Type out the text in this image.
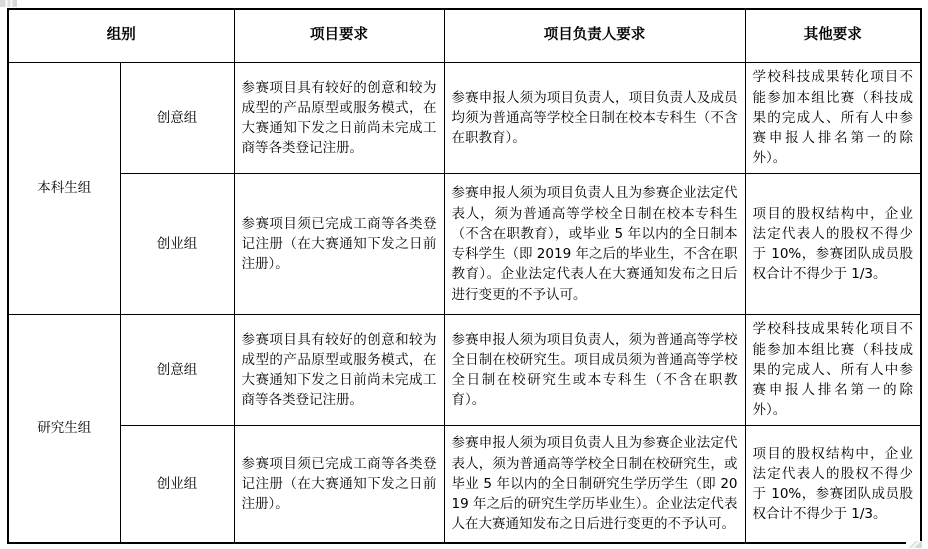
组别		项目要求	项目负责人要求	其他要求
本科生组	创意组	参赛项目具有较好的创意和较为成型的产品原型或服务模式，在大赛通知下发之日前尚未完成工商等各类登记注册。	参赛申报人须为项目负责人，项目负责人及成员均须为普通高等学校全日制在校本专科生（不含在职教育）。	学校科技成果转化项目不能参加本组比赛（科技成果的完成人、所有人中参赛申报人排名第一的除外）。
	创业组	参赛项目须已完成工商等各类登记注册（在大赛通知下发之日前注册）。	参赛申报人须为项目负责人且为参赛企业法定代表人，须为普通高等学校全日制在校本专科生（不含在职教育），或毕业 5 年以内的全日制本专科学生（即 2019 年之后的毕业生，不含在职教育）。企业法定代表人在大赛通知发布之日后进行变更的不予认可。	项目的股权结构中，企业法定代表人的股权不得少于 10%，参赛团队成员股权合计不得少于 1/3。
研究生组	创意组	参赛项目具有较好的创意和较为成型的产品原型或服务模式，在大赛通知下发之日前尚未完成工商等各类登记注册。	参赛申报人须为项目负责人，须为普通高等学校全日制在校研究生。项目成员须为普通高等学校全日制在校研究生或本专科生（不含在职教育）。	学校科技成果转化项目不能参加本组比赛（科技成果的完成人、所有人中参赛申报人排名第一的除外）。
	创业组	参赛项目须已完成工商等各类登记注册（在大赛通知下发之日前注册）。	参赛申报人须为项目负责人且为参赛企业法定代表人，须为普通高等学校全日制在校研究生，或毕业 5 年以内的全日制研究生学历学生（即 2019 年之后的研究生学历毕业生）。企业法定代表人在大赛通知发布之日后进行变更的不予认可。	项目的股权结构中，企业法定代表人的股权不得少于 10%，参赛团队成员股权合计不得少于 1/3。
